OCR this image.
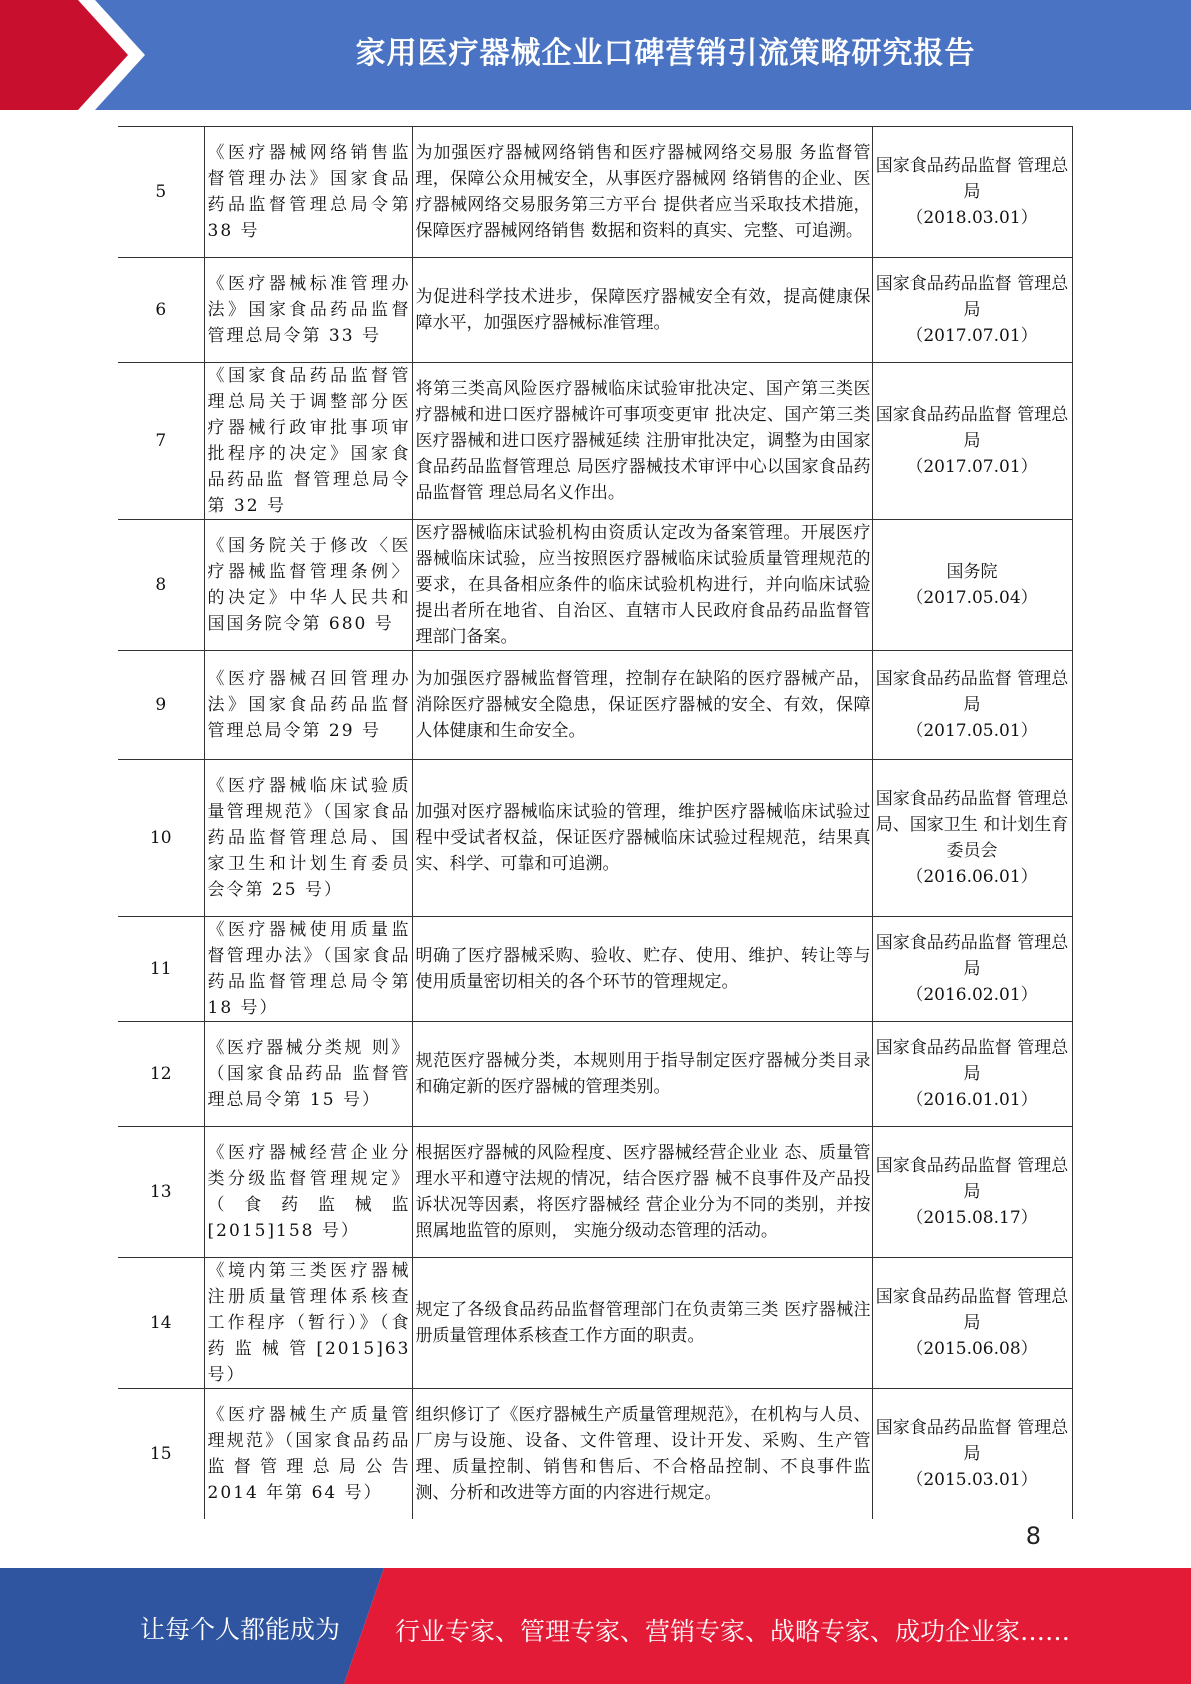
家用医疗器械企业口碑营销引流策略研究报告
5	《医疗器械网络销售监督管理办法》国家食品药品监督管理总局令第 38 号	为加强医疗器械网络销售和医疗器械网络交易服 务监督管理，保障公众用械安全，从事医疗器械网 络销售的企业、医疗器械网络交易服务第三方平台 提供者应当采取技术措施，保障医疗器械网络销售 数据和资料的真实、完整、可追溯。	国家食品药品监督 管理总局
（2018.03.01）

6	《医疗器械标准管理办法》国家食品药品监督管理总局令第 33 号	为促进科学技术进步，保障医疗器械安全有效，提高健康保障水平，加强医疗器械标准管理。	国家食品药品监督 管理总局
（2017.07.01）

7	《国家食品药品监督管理总局关于调整部分医疗器械行政审批事项审批程序的决定》国家食品药品监 督管理总局令第 32 号	将第三类高风险医疗器械临床试验审批决定、国产第三类医疗器械和进口医疗器械许可事项变更审 批决定、国产第三类医疗器械和进口医疗器械延续 注册审批决定，调整为由国家食品药品监督管理总 局医疗器械技术审评中心以国家食品药品监督管 理总局名义作出。	国家食品药品监督 管理总局
（2017.07.01）

8	《国务院关于修改〈医疗器械监督管理条例〉的决定》中华人民共和国国务院令第 680 号	医疗器械临床试验机构由资质认定改为备案管理。开展医疗器械临床试验，应当按照医疗器械临床试验质量管理规范的要求，在具备相应条件的临床试验机构进行，并向临床试验提出者所在地省、自治区、直辖市人民政府食品药品监督管理部门备案。	国务院
（2017.05.04）

9	《医疗器械召回管理办法》国家食品药品监督管理总局令第 29 号	为加强医疗器械监督管理，控制存在缺陷的医疗器械产品，消除医疗器械安全隐患，保证医疗器械的安全、有效，保障人体健康和生命安全。	国家食品药品监督 管理总局
（2017.05.01）

10	《医疗器械临床试验质量管理规范》（国家食品药品监督管理总局、国家卫生和计划生育委员会令第 25 号）	加强对医疗器械临床试验的管理，维护医疗器械临床试验过程中受试者权益，保证医疗器械临床试验过程规范，结果真实、科学、可靠和可追溯。	国家食品药品监督 管理总局、国家卫生 和计划生育委员会
（2016.06.01）

11	《医疗器械使用质量监督管理办法》（国家食品药品监督管理总局令第 18 号）	明确了医疗器械采购、验收、贮存、使用、维护、转让等与使用质量密切相关的各个环节的管理规定。	国家食品药品监督 管理总局
（2016.02.01）

12	《医疗器械分类规 则》（国家食品药品 监督管理总局令第 15 号）	规范医疗器械分类，本规则用于指导制定医疗器械分类目录和确定新的医疗器械的管理类别。	国家食品药品监督 管理总局
（2016.01.01）

13	《医疗器械经营企业分类分级监督管理规定》（食药监械监[2015]158 号）	根据医疗器械的风险程度、医疗器械经营企业业 态、质量管理水平和遵守法规的情况，结合医疗器 械不良事件及产品投诉状况等因素，将医疗器械经 营企业分为不同的类别，并按照属地监管的原则， 实施分级动态管理的活动。	国家食品药品监督 管理总局
（2015.08.17）

14	《境内第三类医疗器械注册质量管理体系核查工作程序（暂行）》（食药监械管[2015]63 号）	规定了各级食品药品监督管理部门在负责第三类 医疗器械注册质量管理体系核查工作方面的职责。	国家食品药品监督 管理总局
（2015.06.08）

15	《医疗器械生产质量管理规范》（国家食品药品监督管理总局公告 2014 年第 64 号）	组织修订了《医疗器械生产质量管理规范》，在机构与人员、厂房与设施、设备、文件管理、设计开发、采购、生产管理、质量控制、销售和售后、不合格品控制、不良事件监测、分析和改进等方面的内容进行规定。	国家食品药品监督 管理总局
（2015.03.01）
8
让每个人都能成为 行业专家、管理专家、营销专家、战略专家、成功企业家……
